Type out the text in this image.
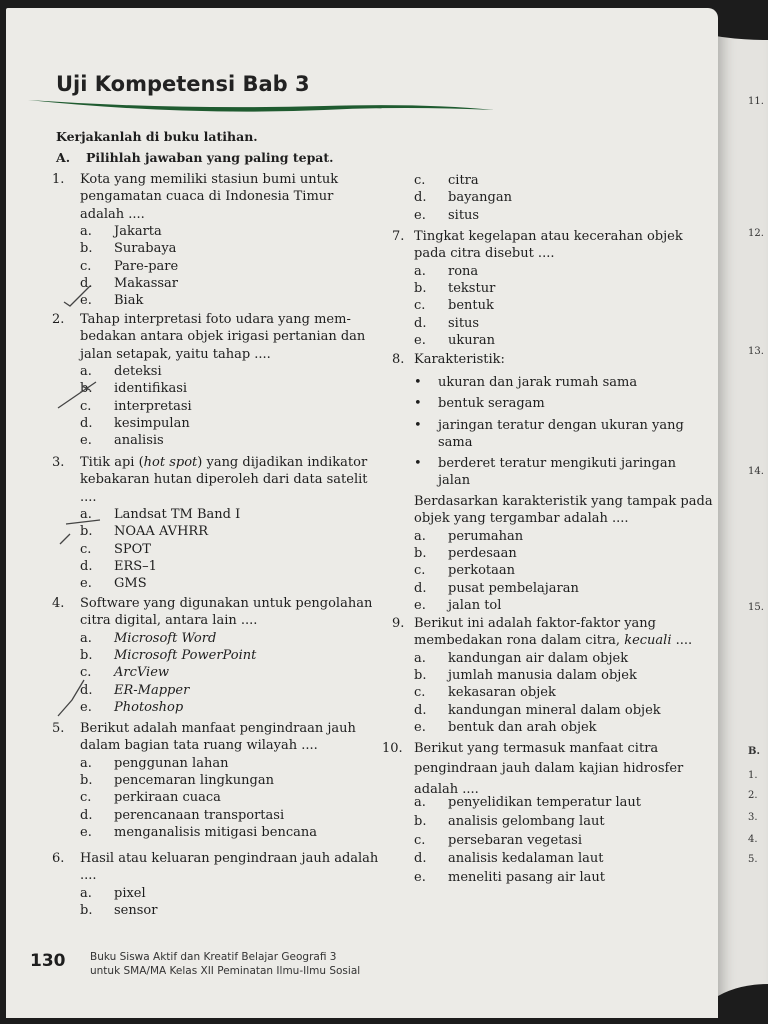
Uji Kompetensi Bab 3
Kerjakanlah di buku latihan.
A. Pilihlah jawaban yang paling tepat.
1. Kota yang memiliki stasiun bumi untuk
pengamatan cuaca di Indonesia Timur
adalah ....
a. Jakarta
b. Surabaya
c. Pare-pare
d. Makassar
e. Biak
2. Tahap interpretasi foto udara yang mem-
bedakan antara objek irigasi pertanian dan
jalan setapak, yaitu tahap ....
a. deteksi
b. identifikasi
c. interpretasi
d. kesimpulan
e. analisis
3. Titik api (hot spot) yang dijadikan indikator
kebakaran hutan diperoleh dari data satelit
....
a. Landsat TM Band I
b. NOAA AVHRR
c. SPOT
d. ERS–1
e. GMS
4. Software yang digunakan untuk pengolahan
citra digital, antara lain ....
a. Microsoft Word
b. Microsoft PowerPoint
c. ArcView
d. ER-Mapper
e. Photoshop
5. Berikut adalah manfaat pengindraan jauh
dalam bagian tata ruang wilayah ....
a. penggunan lahan
b. pencemaran lingkungan
c. perkiraan cuaca
d. perencanaan transportasi
e. menganalisis mitigasi bencana
6. Hasil atau keluaran pengindraan jauh adalah
....
a. pixel
b. sensor
c. citra
d. bayangan
e. situs
7. Tingkat kegelapan atau kecerahan objek
pada citra disebut ....
a. rona
b. tekstur
c. bentuk
d. situs
e. ukuran
8. Karakteristik:
• ukuran dan jarak rumah sama
• bentuk seragam
• jaringan teratur dengan ukuran yang
sama
• berderet teratur mengikuti jaringan
jalan
Berdasarkan karakteristik yang tampak pada
objek yang tergambar adalah ....
a. perumahan
b. perdesaan
c. perkotaan
d. pusat pembelajaran
e. jalan tol
9. Berikut ini adalah faktor-faktor yang
membedakan rona dalam citra, kecuali ....
a. kandungan air dalam objek
b. jumlah manusia dalam objek
c. kekasaran objek
d. kandungan mineral dalam objek
e. bentuk dan arah objek
10. Berikut yang termasuk manfaat citra
pengindraan jauh dalam kajian hidrosfer
adalah ....
a. penyelidikan temperatur laut
b. analisis gelombang laut
c. persebaran vegetasi
d. analisis kedalaman laut
e. meneliti pasang air laut
11.
12.
13.
14.
15.
B.
1.
2.
3.
4.
5.
130 Buku Siswa Aktif dan Kreatif Belajar Geografi 3
untuk SMA/MA Kelas XII Peminatan Ilmu-Ilmu Sosial
